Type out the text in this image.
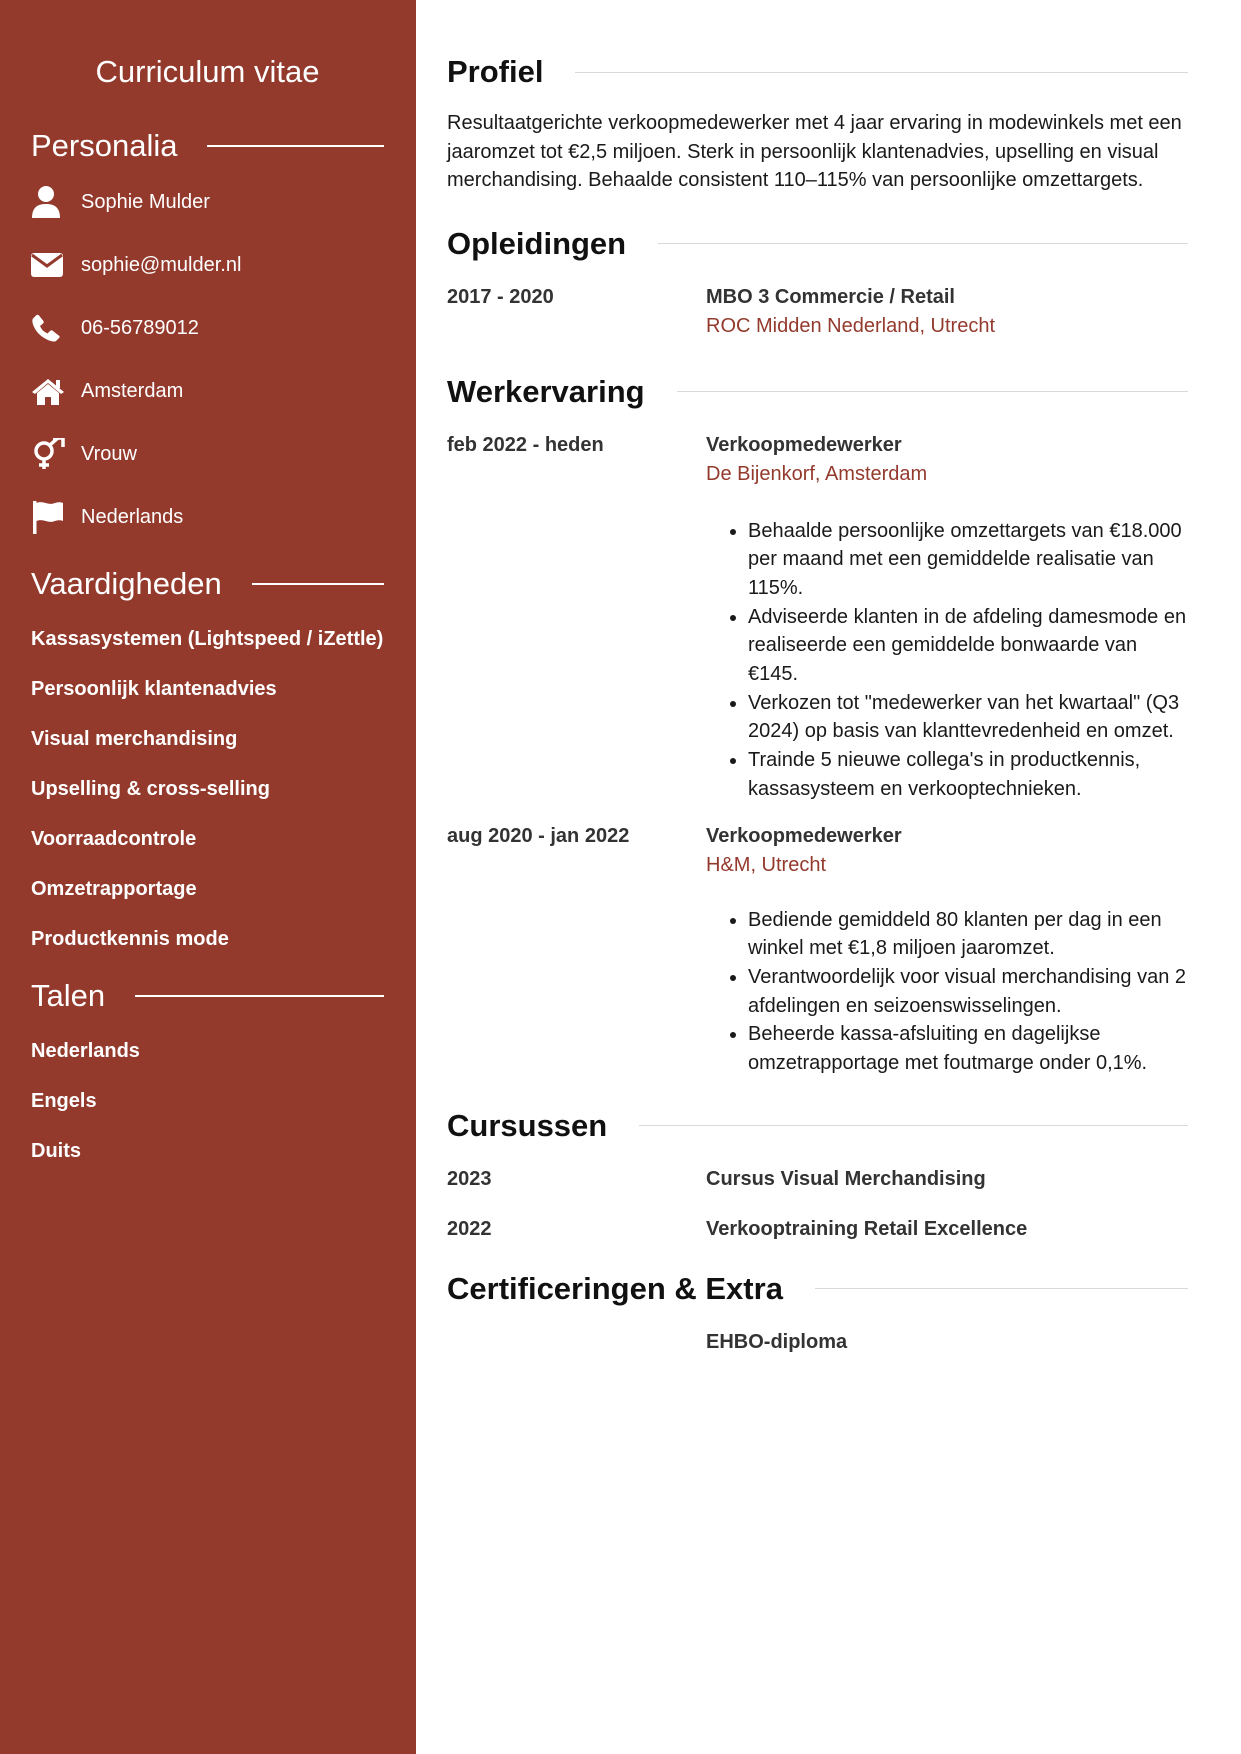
Curriculum vitae
Personalia
Sophie Mulder
sophie@mulder.nl
06-56789012
Amsterdam
Vrouw
Nederlands
Vaardigheden
Kassasystemen (Lightspeed / iZettle)
Persoonlijk klantenadvies
Visual merchandising
Upselling & cross-selling
Voorraadcontrole
Omzetrapportage
Productkennis mode
Talen
Nederlands
Engels
Duits
Profiel

Resultaatgerichte verkoopmedewerker met 4 jaar ervaring in modewinkels met een jaaromzet tot €2,5 miljoen. Sterk in persoonlijk klantenadvies, upselling en visual merchandising. Behaalde consistent 110–115% van persoonlijke omzettargets.

Opleidingen
2017 - 2020	MBO 3 Commercie / Retail
ROC Midden Nederland, Utrecht
Werkervaring
feb 2022 - heden	Verkoopmedewerker
De Bijenkorf, Amsterdam
• Behaalde persoonlijke omzettargets van €18.000 per maand met een gemiddelde realisatie van 115%.
• Adviseerde klanten in de afdeling damesmode en realiseerde een gemiddelde bonwaarde van €145.
• Verkozen tot "medewerker van het kwartaal" (Q3 2024) op basis van klanttevredenheid en omzet.
• Trainde 5 nieuwe collega's in productkennis, kassasysteem en verkooptechnieken.
aug 2020 - jan 2022	Verkoopmedewerker
H&M, Utrecht
• Bediende gemiddeld 80 klanten per dag in een winkel met €1,8 miljoen jaaromzet.
• Verantwoordelijk voor visual merchandising van 2 afdelingen en seizoenswisselingen.
• Beheerde kassa-afsluiting en dagelijkse omzetrapportage met foutmarge onder 0,1%.
Cursussen
2023	Cursus Visual Merchandising
2022	Verkooptraining Retail Excellence
Certificeringen & Extra
EHBO-diploma
